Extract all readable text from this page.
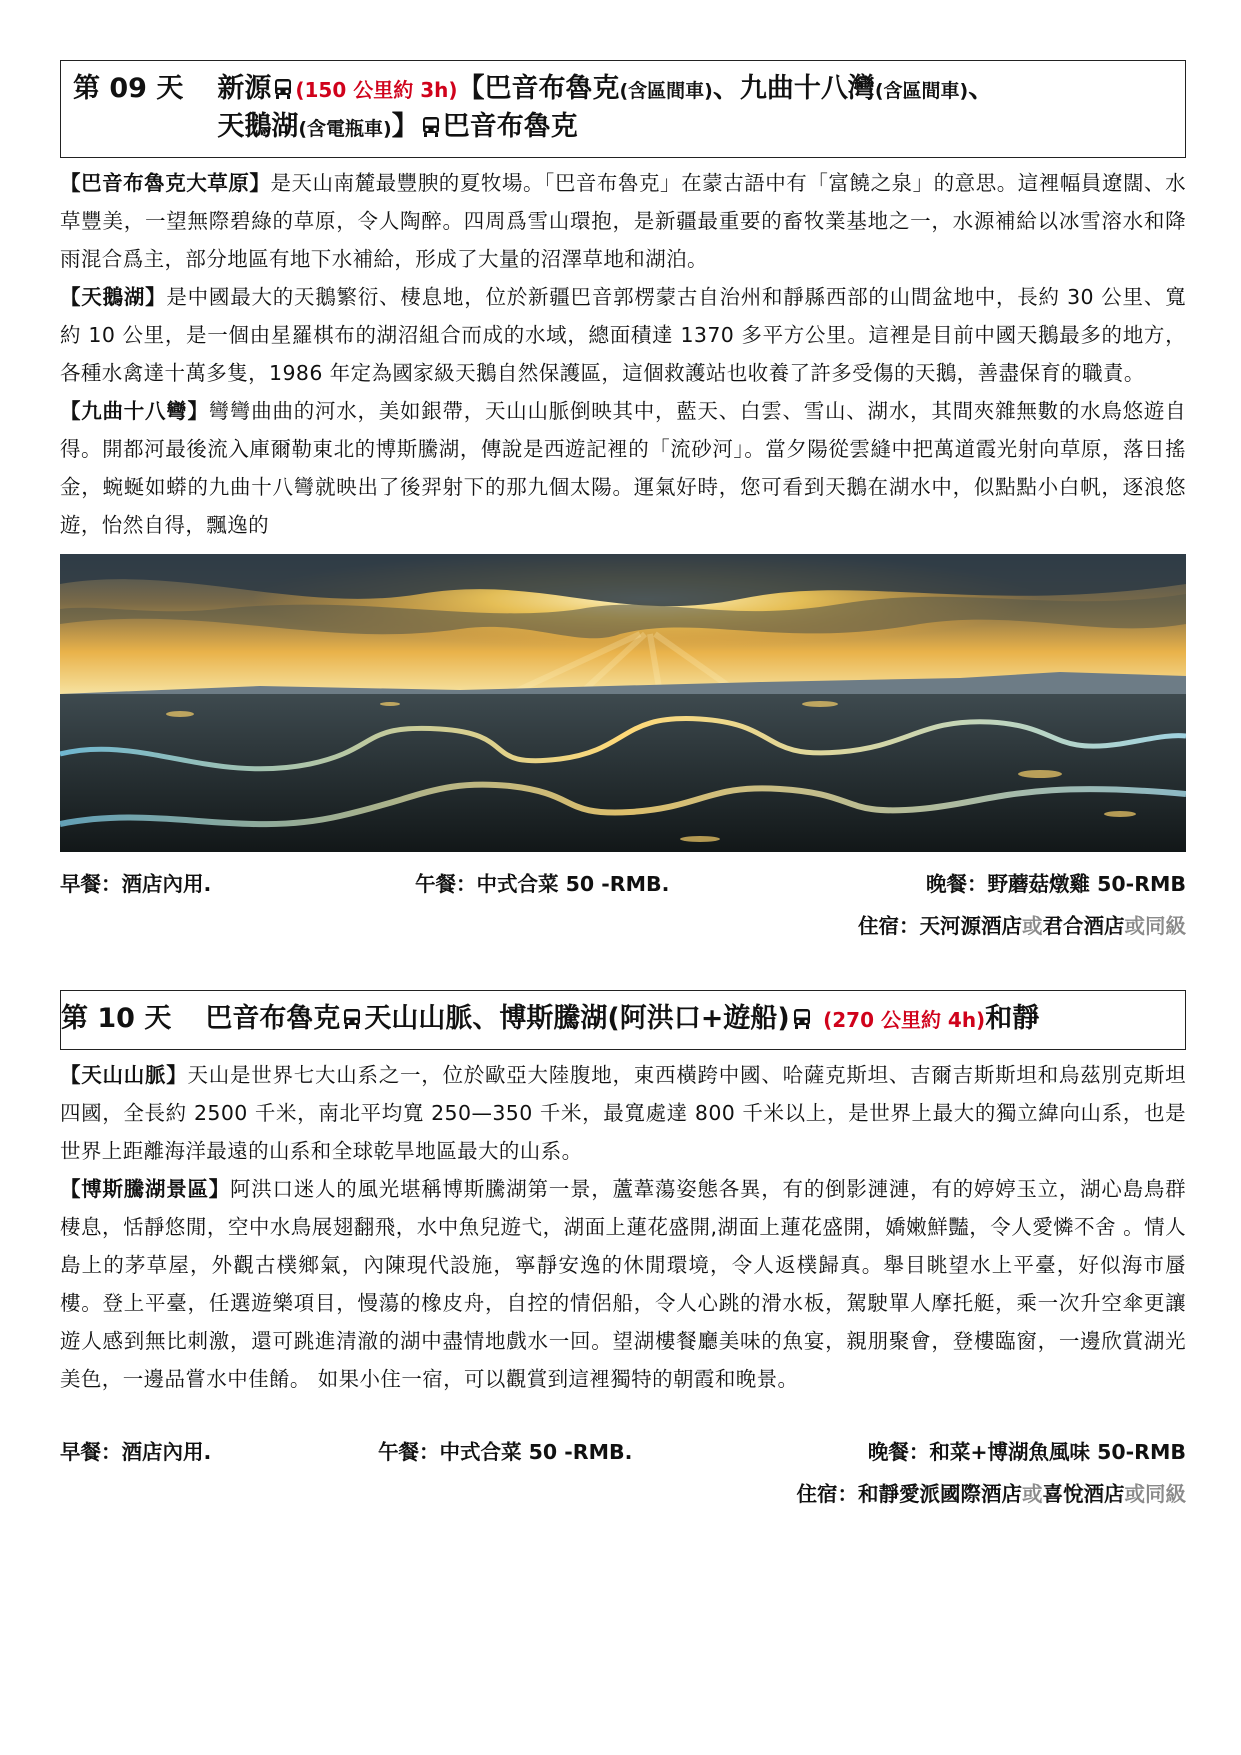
第 09 天 新源 (150 公里約 3h)【巴音布魯克(含區間車)、九曲十八灣(含區間車)、
天鵝湖(含電瓶車)】 巴音布魯克

【巴音布魯克大草原】是天山南麓最豐腴的夏牧場。「巴音布魯克」在蒙古語中有「富饒之泉」的意思。這裡幅員遼闊、水草豐美，一望無際碧綠的草原，令人陶醉。四周爲雪山環抱，是新疆最重要的畜牧業基地之一，水源補給以冰雪溶水和降雨混合爲主，部分地區有地下水補給，形成了大量的沼澤草地和湖泊。

【天鵝湖】是中國最大的天鵝繁衍、棲息地，位於新疆巴音郭楞蒙古自治州和靜縣西部的山間盆地中，長約 30 公里、寬約 10 公里，是一個由星羅棋布的湖沼組合而成的水域，總面積達 1370 多平方公里。這裡是目前中國天鵝最多的地方，各種水禽達十萬多隻，1986 年定為國家級天鵝自然保護區，這個救護站也收養了許多受傷的天鵝，善盡保育的職責。

【九曲十八彎】彎彎曲曲的河水，美如銀帶，天山山脈倒映其中，藍天、白雲、雪山、湖水，其間夾雜無數的水鳥悠遊自得。開都河最後流入庫爾勒東北的博斯騰湖，傳說是西遊記裡的「流砂河」。當夕陽從雲縫中把萬道霞光射向草原，落日搖金，蜿蜒如蟒的九曲十八彎就映出了後羿射下的那九個太陽。運氣好時，您可看到天鵝在湖水中，似點點小白帆，逐浪悠遊，怡然自得，飄逸的

早餐：酒店內用.	午餐：中式合菜 50 -RMB.	晚餐：野蘑菇燉雞 50-RMB
住宿：天河源酒店或君合酒店或同級
第 10 天 巴音布魯克 天山山脈、博斯騰湖(阿洪口+遊船) (270 公里約 4h)和靜

【天山山脈】天山是世界七大山系之一，位於歐亞大陸腹地，東西橫跨中國、哈薩克斯坦、吉爾吉斯斯坦和烏茲別克斯坦四國，全長約 2500 千米，南北平均寬 250—350 千米，最寬處達 800 千米以上，是世界上最大的獨立緯向山系，也是世界上距離海洋最遠的山系和全球乾旱地區最大的山系。

【博斯騰湖景區】阿洪口迷人的風光堪稱博斯騰湖第一景，蘆葦蕩姿態各異，有的倒影漣漣，有的婷婷玉立，湖心島鳥群棲息，恬靜悠閒，空中水鳥展翅翻飛，水中魚兒遊弋，湖面上蓮花盛開,湖面上蓮花盛開，嬌嫩鮮豔，令人愛憐不舍 。情人島上的茅草屋，外觀古樸鄉氣，內陳現代設施，寧靜安逸的休閒環境，令人返樸歸真。舉目眺望水上平臺，好似海市蜃樓。登上平臺，任選遊樂項目，慢蕩的橡皮舟，自控的情侶船，令人心跳的滑水板，駕駛單人摩托艇，乘一次升空傘更讓遊人感到無比刺激，還可跳進清澈的湖中盡情地戲水一回。望湖樓餐廳美味的魚宴，親朋聚會，登樓臨窗，一邊欣賞湖光美色，一邊品嘗水中佳餚。 如果小住一宿，可以觀賞到這裡獨特的朝霞和晚景。

早餐：酒店內用.	午餐：中式合菜 50 -RMB.	晚餐：和菜+博湖魚風味 50-RMB
住宿：和靜愛派國際酒店或喜悅酒店或同級
